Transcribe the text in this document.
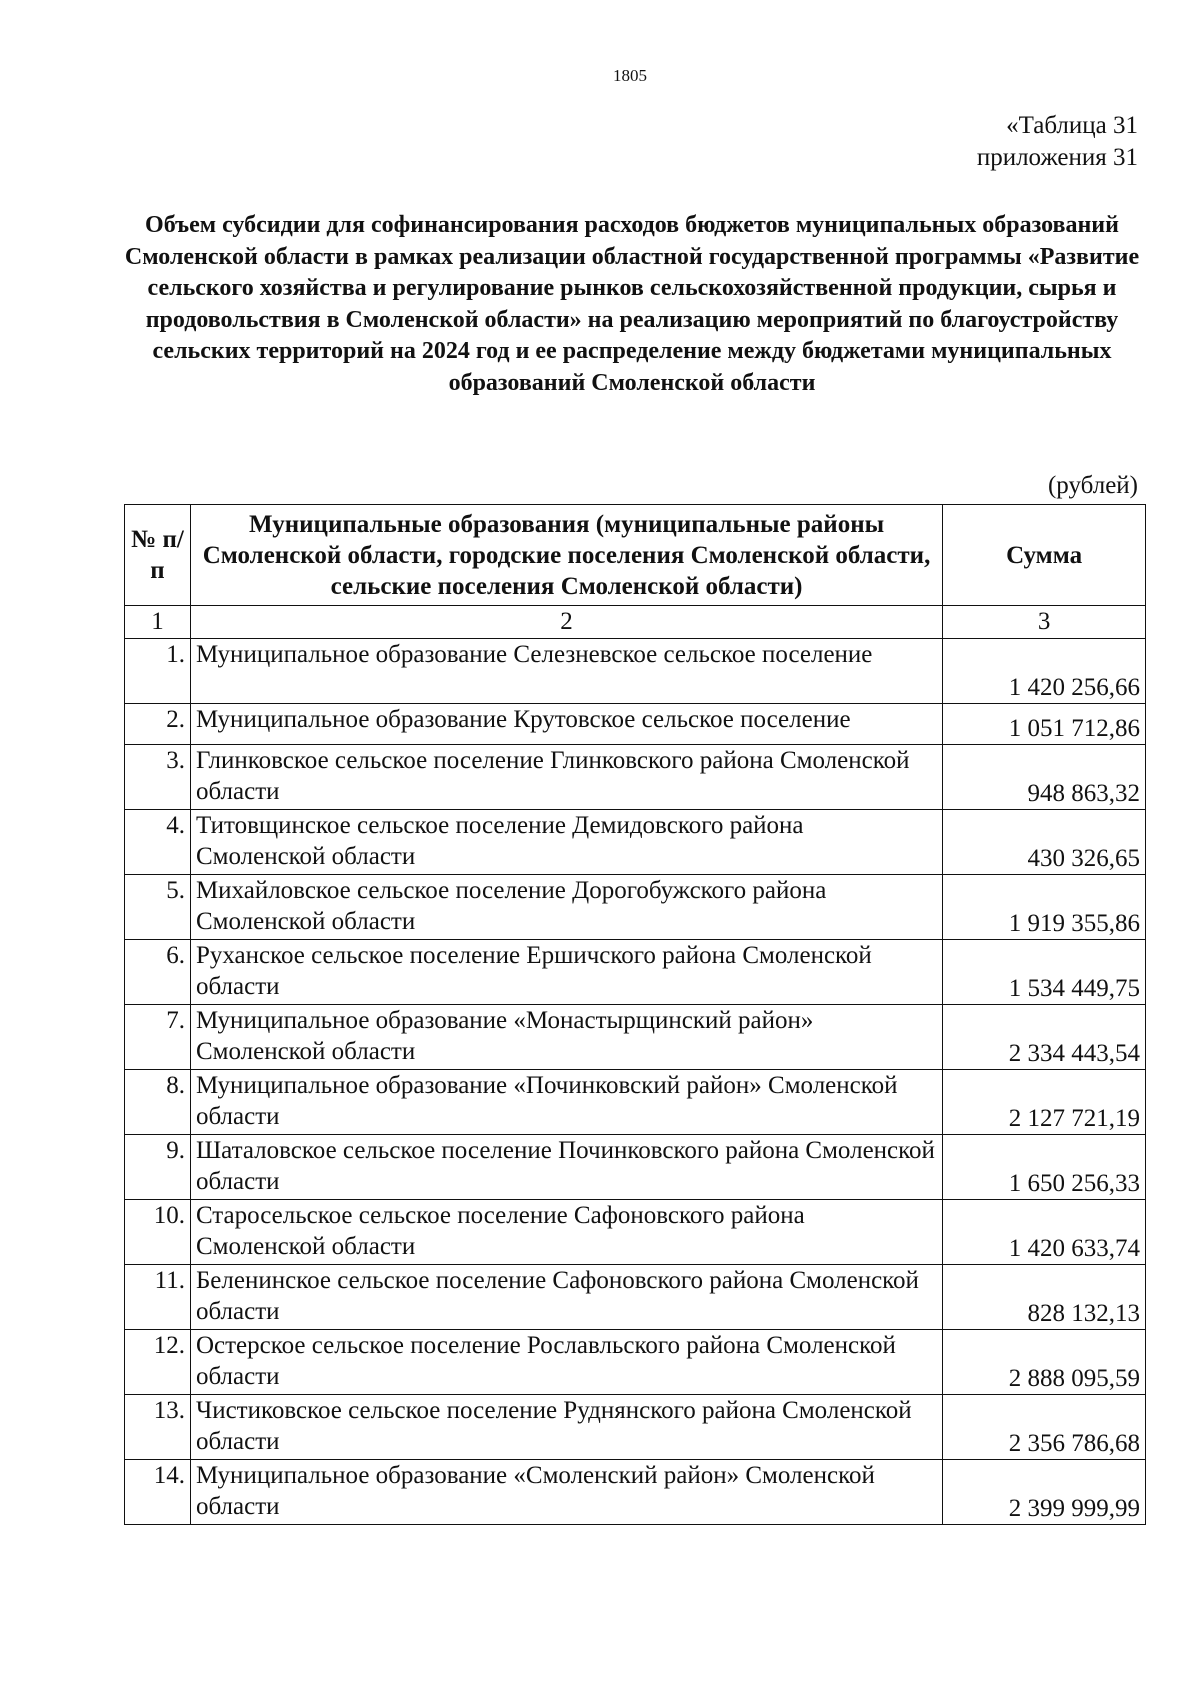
1805
«Таблица 31
приложения 31
Объем субсидии для софинансирования расходов бюджетов муниципальных образований Смоленской области в рамках реализации областной государственной программы «Развитие сельского хозяйства и регулирование рынков сельскохозяйственной продукции, сырья и продовольствия в Смоленской области» на реализацию мероприятий по благоустройству сельских территорий на 2024 год и ее распределение между бюджетами муниципальных образований Смоленской области
(рублей)
№ п/п	Муниципальные образования (муниципальные районы Смоленской области, городские поселения Смоленской области, сельские поселения Смоленской области)	Сумма
1	2	3
1.	Муниципальное образование Селезневское сельское поселение	1 420 256,66
2.	Муниципальное образование Крутовское сельское поселение	1 051 712,86
3.	Глинковское сельское поселение Глинковского района Смоленской области	948 863,32
4.	Титовщинское сельское поселение Демидовского района Смоленской области	430 326,65
5.	Михайловское сельское поселение Дорогобужского района Смоленской области	1 919 355,86
6.	Руханское сельское поселение Ершичского района Смоленской области	1 534 449,75
7.	Муниципальное образование «Монастырщинский район» Смоленской области	2 334 443,54
8.	Муниципальное образование «Починковский район» Смоленской области	2 127 721,19
9.	Шаталовское сельское поселение Починковского района Смоленской области	1 650 256,33
10.	Старосельское сельское поселение Сафоновского района Смоленской области	1 420 633,74
11.	Беленинское сельское поселение Сафоновского района Смоленской области	828 132,13
12.	Остерское сельское поселение Рославльского района Смоленской области	2 888 095,59
13.	Чистиковское сельское поселение Руднянского района Смоленской области	2 356 786,68
14.	Муниципальное образование «Смоленский район» Смоленской области	2 399 999,99
